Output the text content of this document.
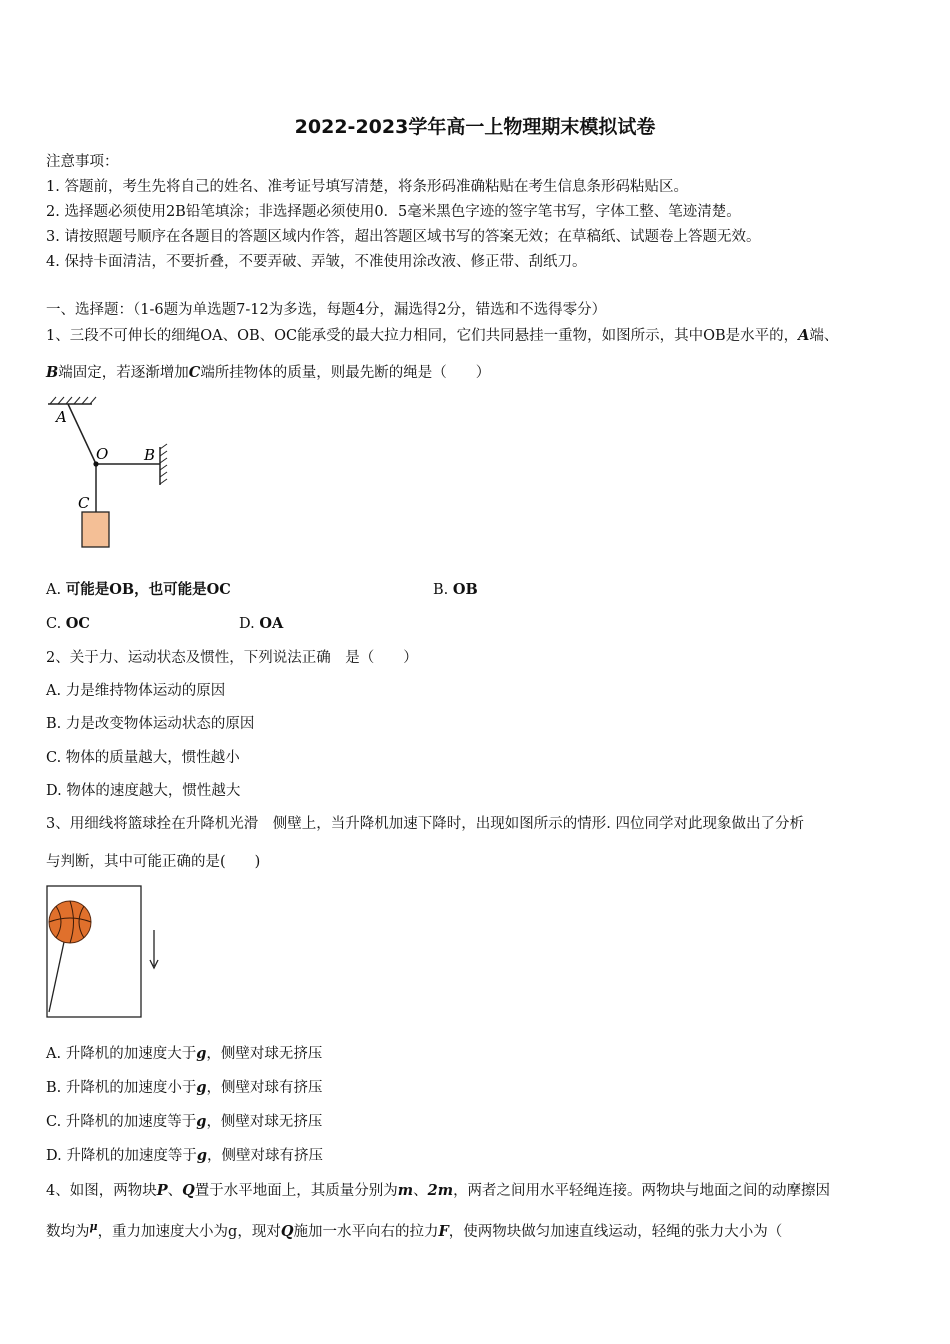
2022-2023学年高一上物理期末模拟试卷
注意事项：
1. 答题前，考生先将自己的姓名、准考证号填写清楚，将条形码准确粘贴在考生信息条形码粘贴区。
2. 选择题必须使用2B铅笔填涂；非选择题必须使用0．5毫米黑色字迹的签字笔书写，字体工整、笔迹清楚。
3. 请按照题号顺序在各题目的答题区域内作答，超出答题区域书写的答案无效；在草稿纸、试题卷上答题无效。
4. 保持卡面清洁，不要折叠，不要弄破、弄皱，不准使用涂改液、修正带、刮纸刀。
一、选择题：（1-6题为单选题7-12为多选，每题4分，漏选得2分，错选和不选得零分）
1、三段不可伸长的细绳OA、OB、OC能承受的最大拉力相同，它们共同悬挂一重物，如图所示，其中OB是水平的，A端、
B端固定，若逐渐增加C端所挂物体的质量，则最先断的绳是（　　）
A
O B
C
A. 可能是OB，也可能是OC	B. OB
C. OC	D. OA
2、关于力、运动状态及惯性，下列说法正确　是（　　）
A. 力是维持物体运动的原因
B. 力是改变物体运动状态的原因
C. 物体的质量越大，惯性越小
D. 物体的速度越大，惯性越大
3、用细线将篮球拴在升降机光滑　侧壁上，当升降机加速下降时，出现如图所示的情形. 四位同学对此现象做出了分析
与判断，其中可能正确的是(　　)
A. 升降机的加速度大于g，侧壁对球无挤压
B. 升降机的加速度小于g，侧壁对球有挤压
C. 升降机的加速度等于g，侧壁对球无挤压
D. 升降机的加速度等于g，侧壁对球有挤压
4、如图，两物块P、Q置于水平地面上，其质量分别为m、2m，两者之间用水平轻绳连接。两物块与地面之间的动摩擦因
数均为$^\mu$，重力加速度大小为g，现对Q施加一水平向右的拉力F，使两物块做匀加速直线运动，轻绳的张力大小为（
